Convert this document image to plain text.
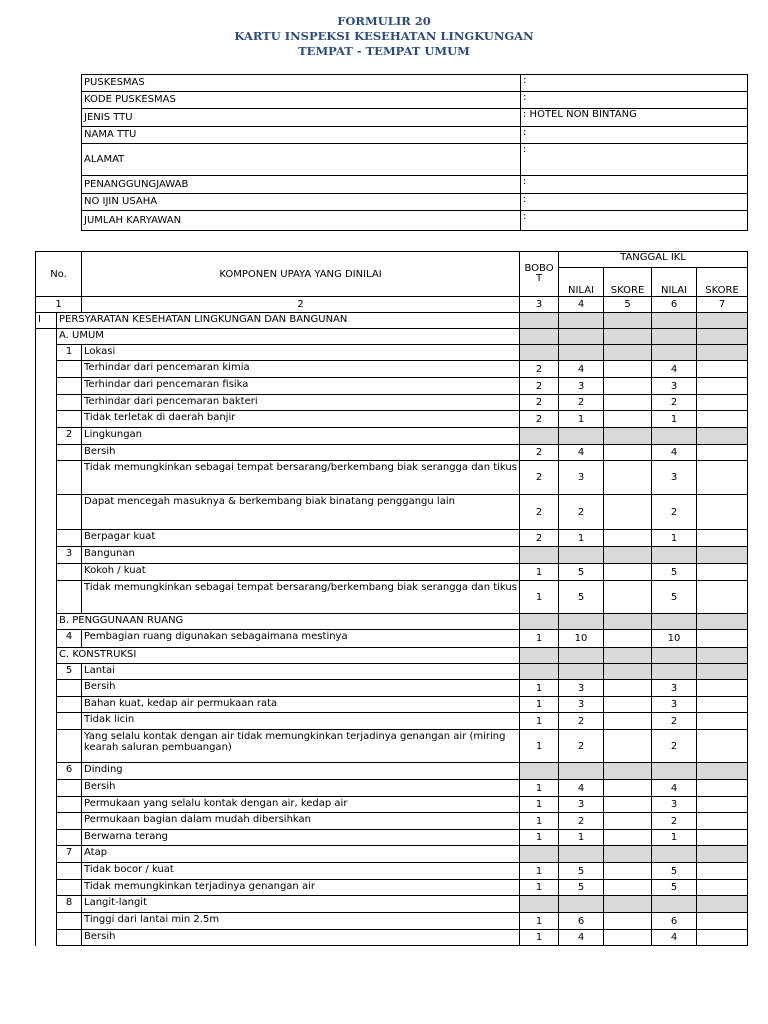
FORMULIR 20
KARTU INSPEKSI KESEHATAN LINGKUNGAN
TEMPAT - TEMPAT UMUM
PUSKESMAS	:
KODE PUSKESMAS	:
JENIS TTU	: HOTEL NON BINTANG
NAMA TTU	:
ALAMAT	:
PENANGGUNGJAWAB	:
NO IJIN USAHA	:
JUMLAH KARYAWAN	:
No.		KOMPONEN UPAYA YANG DINILAI	BOBO T	TANGGAL IKL			
				NILAI	SKORE	NILAI	SKORE
1		2	3	4	5	6	7
I	PERSYARATAN KESEHATAN LINGKUNGAN DAN BANGUNAN						
	A. UMUM						
	1	Lokasi					
		Terhindar dari pencemaran kimia	2	4		4	
		Terhindar dari pencemaran fisika	2	3		3	
		Terhindar dari pencemaran bakteri	2	2		2	
		Tidak terletak di daerah banjir	2	1		1	
	2	Lingkungan					
		Bersih	2	4		4	
		Tidak memungkinkan sebagai tempat bersarang/berkembang biak serangga dan tikus	2	3		3	
		Dapat mencegah masuknya & berkembang biak binatang penggangu lain	2	2		2	
		Berpagar kuat	2	1		1	
	3	Bangunan					
		Kokoh / kuat	1	5		5	
		Tidak memungkinkan sebagai tempat bersarang/berkembang biak serangga dan tikus	1	5		5	
	B. PENGGUNAAN RUANG						
	4	Pembagian ruang digunakan sebagaimana mestinya	1	10		10	
	C. KONSTRUKSI						
	5	Lantai					
		Bersih	1	3		3	
		Bahan kuat, kedap air permukaan rata	1	3		3	
		Tidak licin	1	2		2	
		Yang selalu kontak dengan air tidak memungkinkan terjadinya genangan air (miring kearah saluran pembuangan)	1	2		2	
	6	Dinding					
		Bersih	1	4		4	
		Permukaan yang selalu kontak dengan air, kedap air	1	3		3	
		Permukaan bagian dalam mudah dibersihkan	1	2		2	
		Berwarna terang	1	1		1	
	7	Atap					
		Tidak bocor / kuat	1	5		5	
		Tidak memungkinkan terjadinya genangan air	1	5		5	
	8	Langit-langit					
		Tinggi dari lantai min 2.5m	1	6		6	
		Bersih	1	4		4	
